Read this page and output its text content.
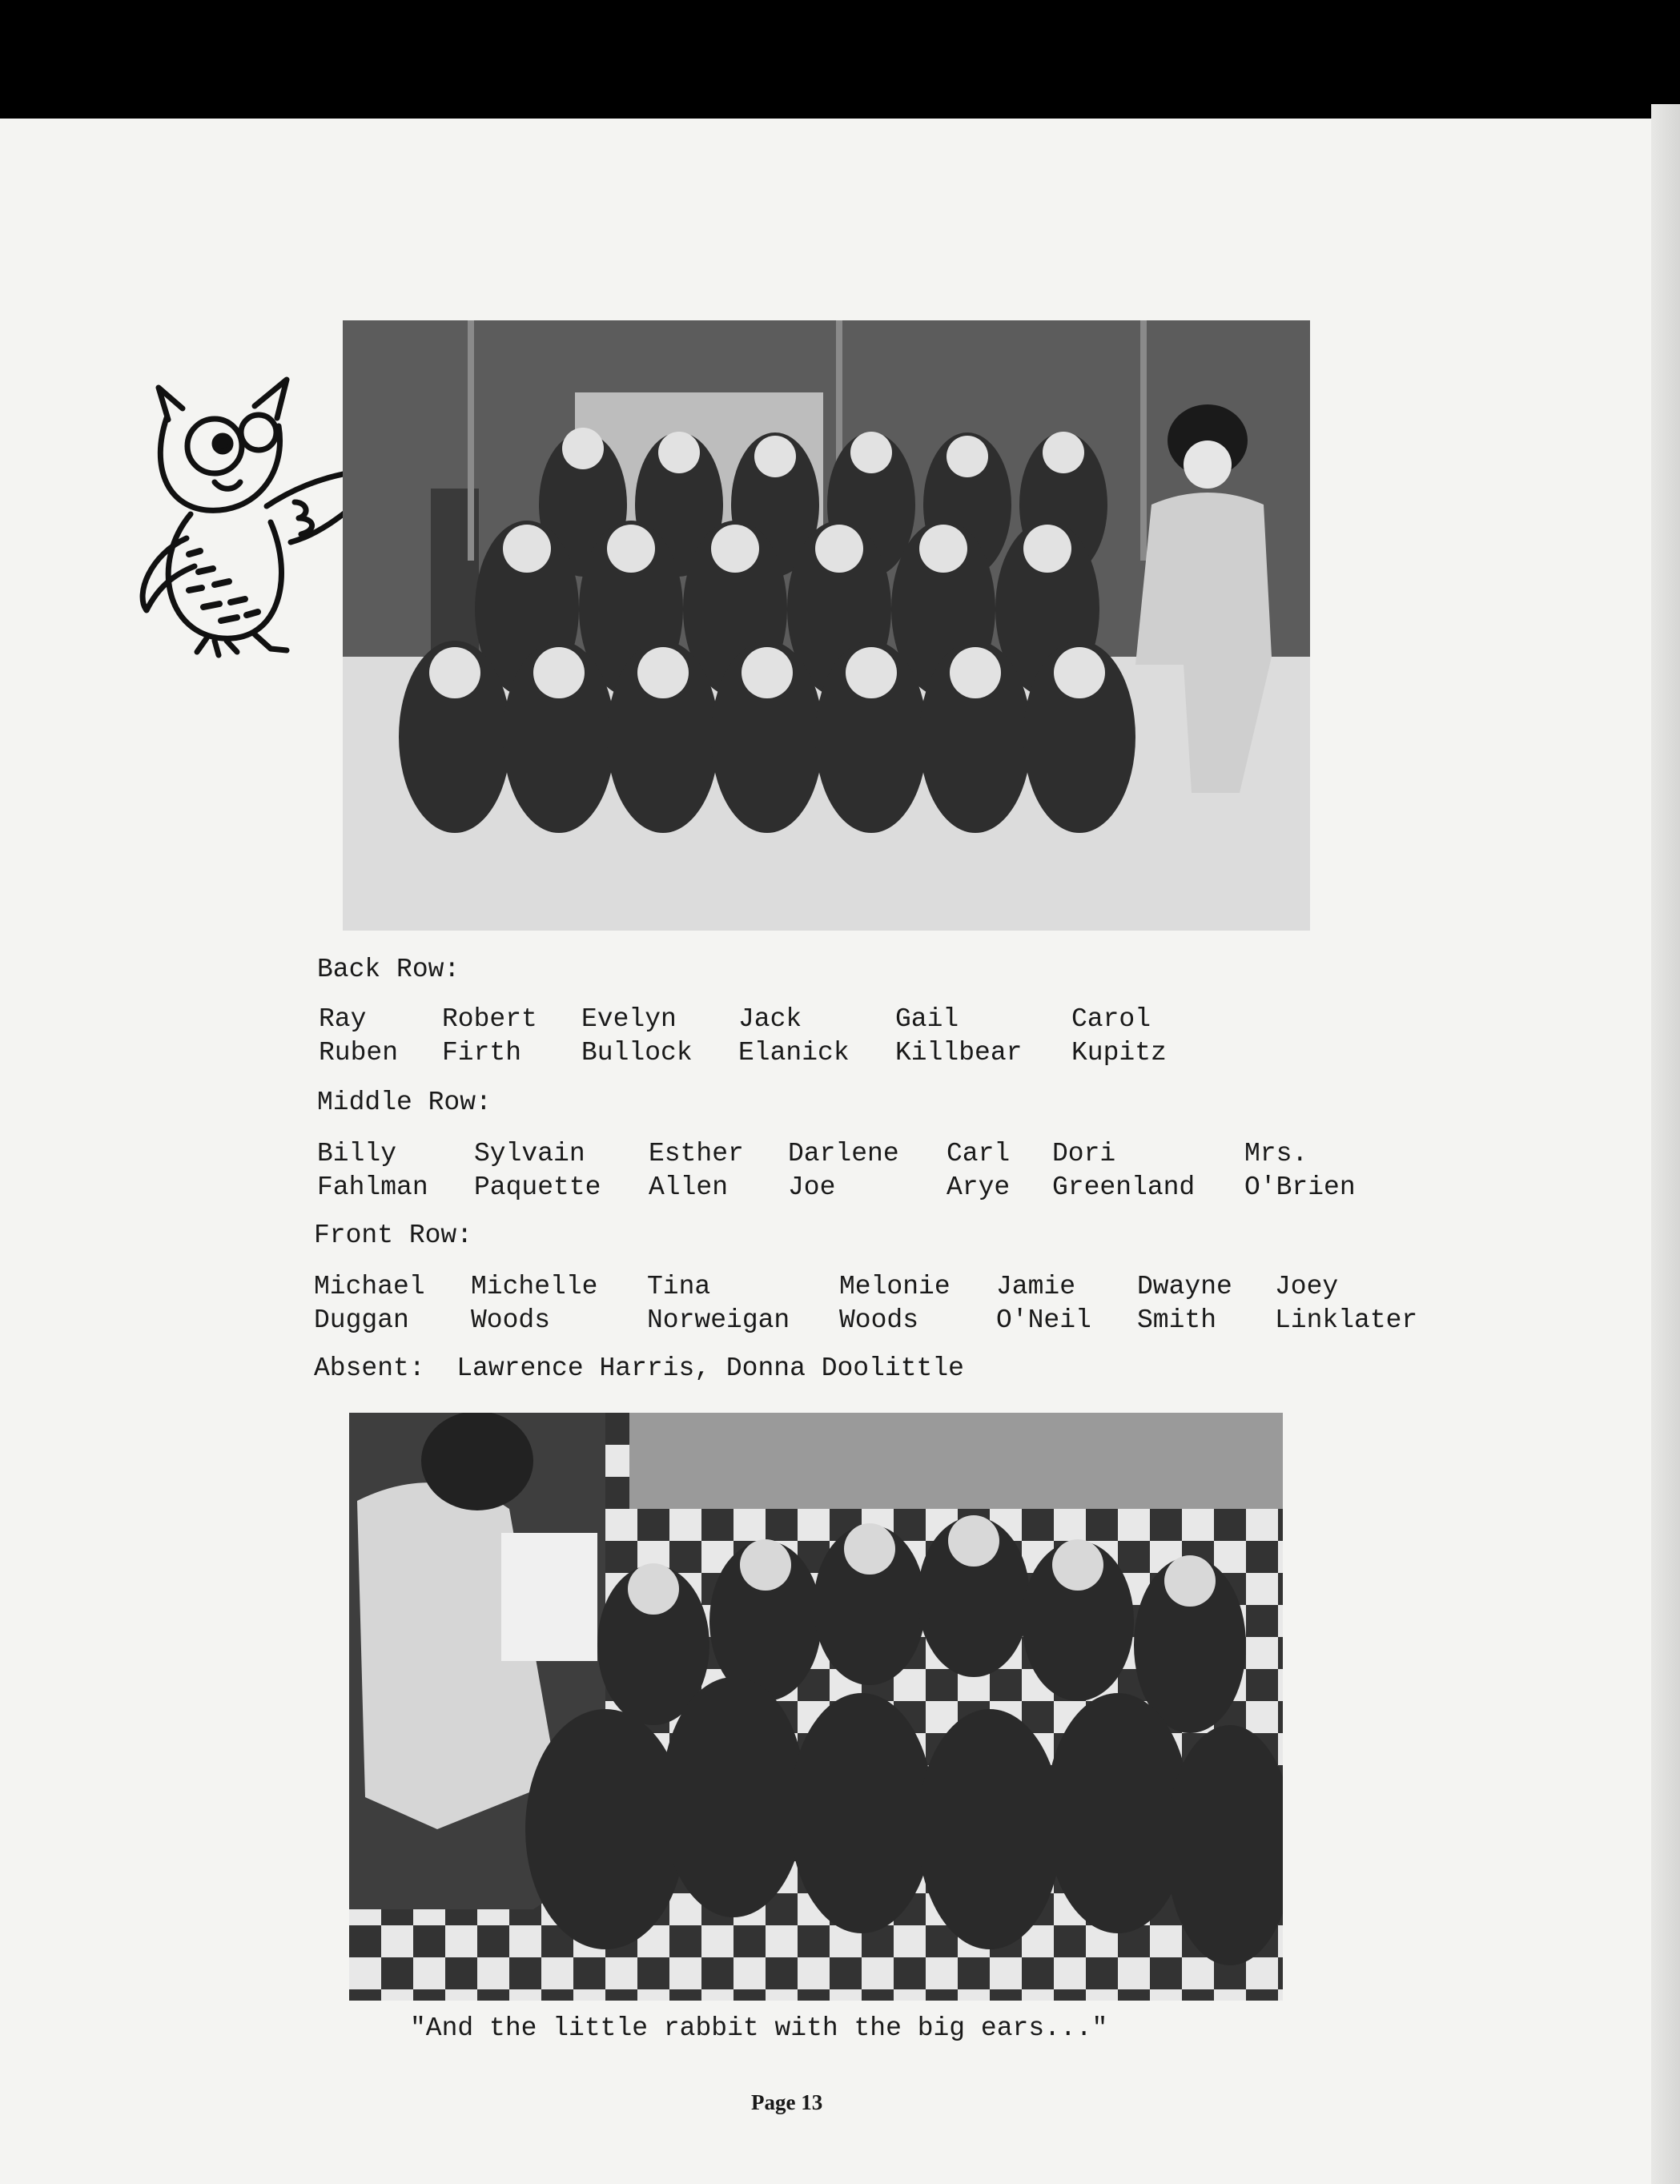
Back Row:
Ray
Ruben
Robert
Firth
Evelyn
Bullock
Jack
Elanick
Gail
Killbear
Carol
Kupitz
Middle Row:
Billy
Fahlman
Sylvain
Paquette
Esther
Allen
Darlene
Joe
Carl
Arye
Dori
Greenland
Mrs.
O'Brien
Front Row:
Michael
Duggan
Michelle
Woods
Tina
Norweigan
Melonie
Woods
Jamie
O'Neil
Dwayne
Smith
Joey
Linklater
Absent:  Lawrence Harris, Donna Doolittle
"And the little rabbit with the big ears..."
Page 13
